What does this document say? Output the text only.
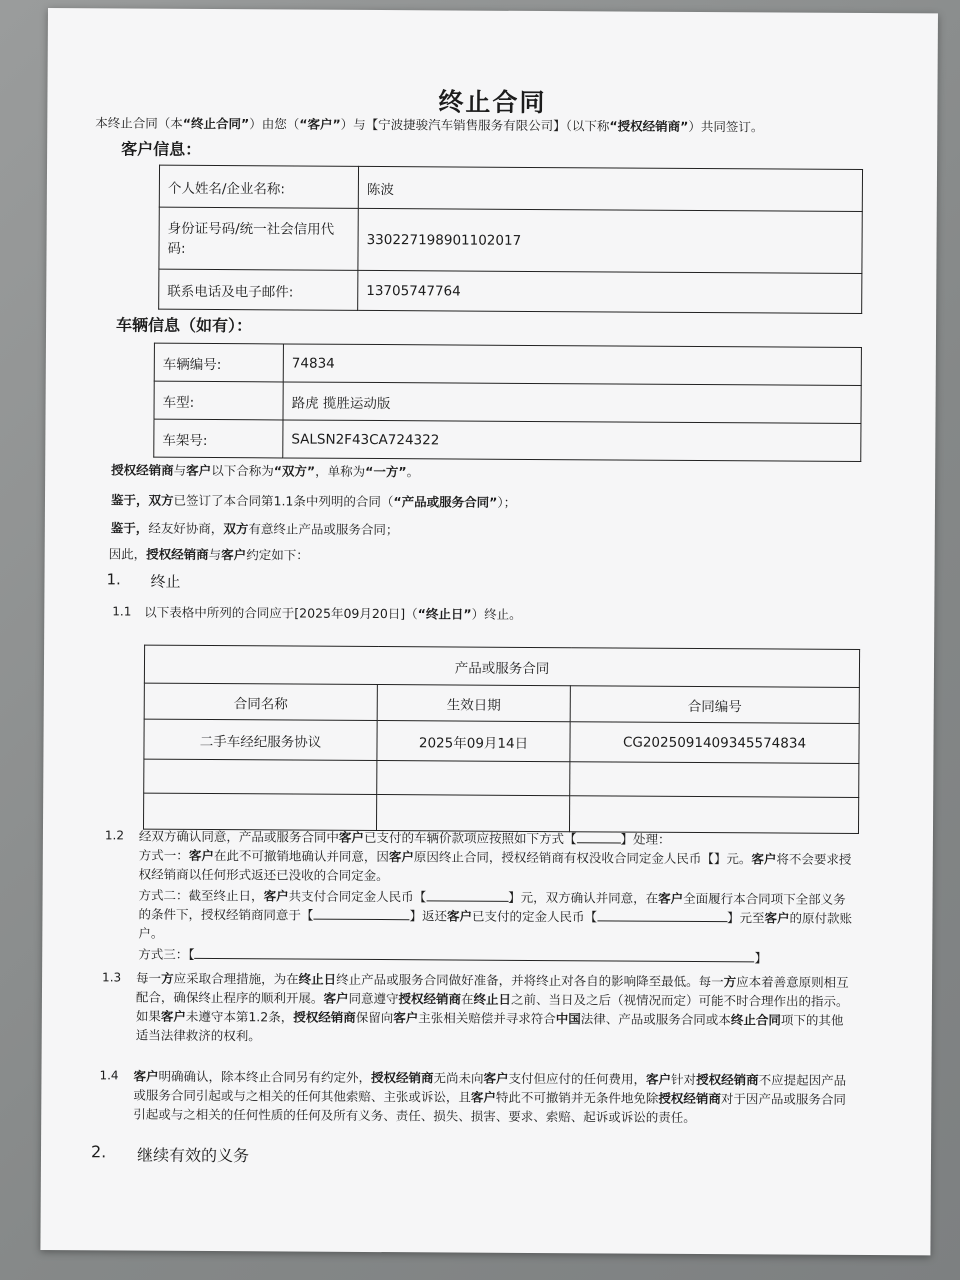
终止合同
本终止合同（本“终止合同”）由您（“客户”）与【宁波捷骏汽车销售服务有限公司】（以下称“授权经销商”）共同签订。
客户信息：
个人姓名/企业名称:	陈波
身份证号码/统一社会信用代码:	330227198901102017
联系电话及电子邮件:	13705747764
车辆信息（如有）：
车辆编号:	74834
车型:	路虎 揽胜运动版
车架号:	SALSN2F43CA724322
授权经销商与客户以下合称为“双方”，单称为“一方”。
鉴于，双方已签订了本合同第1.1条中列明的合同（“产品或服务合同”）；
鉴于，经友好协商，双方有意终止产品或服务合同；
因此，授权经销商与客户约定如下：
1. 终止
1.1 以下表格中所列的合同应于[2025年09月20日]（“终止日”）终止。
产品或服务合同		
合同名称	生效日期	合同编号
二手车经纪服务协议	2025年09月14日	CG2025091409345574834

1.2 经双方确认同意，产品或服务合同中客户已支付的车辆价款项应按照如下方式【	】处理：
方式一：客户在此不可撤销地确认并同意，因客户原因终止合同，授权经销商有权没收合同定金人民币【】元。客户将不会要求授
权经销商以任何形式返还已没收的合同定金。
方式二：截至终止日，客户共支付合同定金人民币【	】元，双方确认并同意，在客户全面履行本合同项下全部义务
的条件下，授权经销商同意于【	】返还客户已支付的定金人民币【	】元至客户的原付款账
户。
方式三：【	】
1.3 每一方应采取合理措施，为在终止日终止产品或服务合同做好准备，并将终止对各自的影响降至最低。每一方应本着善意原则相互
配合，确保终止程序的顺利开展。客户同意遵守授权经销商在终止日之前、当日及之后（视情况而定）可能不时合理作出的指示。
如果客户未遵守本第1.2条，授权经销商保留向客户主张相关赔偿并寻求符合中国法律、产品或服务合同或本终止合同项下的其他
适当法律救济的权利。
1.4 客户明确确认，除本终止合同另有约定外，授权经销商无尚未向客户支付但应付的任何费用，客户针对授权经销商不应提起因产品
或服务合同引起或与之相关的任何其他索赔、主张或诉讼，且客户特此不可撤销并无条件地免除授权经销商对于因产品或服务合同
引起或与之相关的任何性质的任何及所有义务、责任、损失、损害、要求、索赔、起诉或诉讼的责任。
2. 继续有效的义务
